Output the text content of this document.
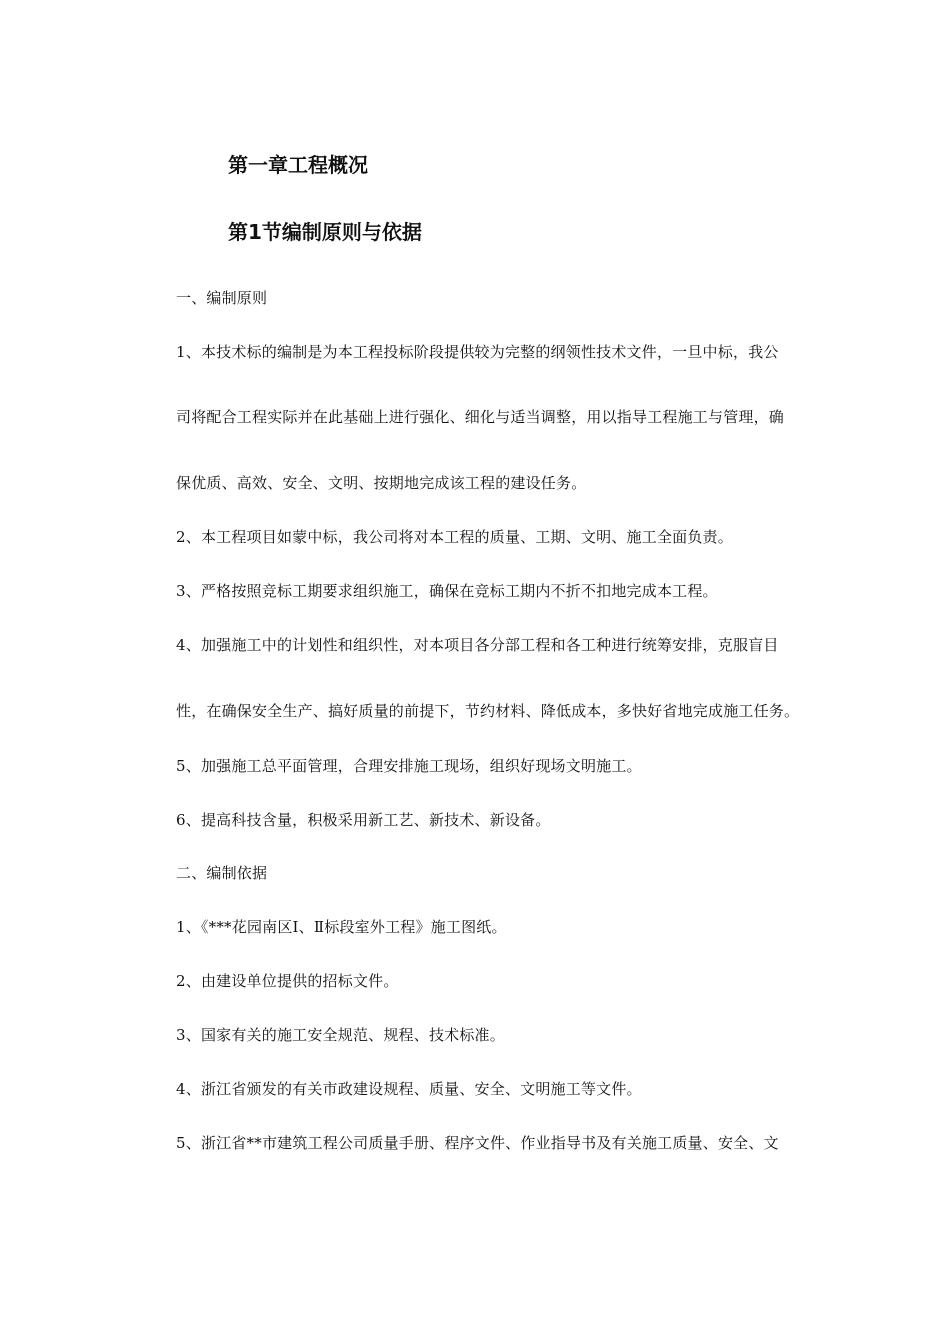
第一章工程概况
第1节编制原则与依据
一、编制原则
1、本技术标的编制是为本工程投标阶段提供较为完整的纲领性技术文件，一旦中标，我公
司将配合工程实际并在此基础上进行强化、细化与适当调整，用以指导工程施工与管理，确
保优质、高效、安全、文明、按期地完成该工程的建设任务。
2、本工程项目如蒙中标，我公司将对本工程的质量、工期、文明、施工全面负责。
3、严格按照竞标工期要求组织施工，确保在竞标工期内不折不扣地完成本工程。
4、加强施工中的计划性和组织性，对本项目各分部工程和各工种进行统筹安排，克服盲目
性，在确保安全生产、搞好质量的前提下，节约材料、降低成本，多快好省地完成施工任务。
5、加强施工总平面管理，合理安排施工现场，组织好现场文明施工。
6、提高科技含量，积极采用新工艺、新技术、新设备。
二、编制依据
1、《***花园南区Ⅰ、Ⅱ标段室外工程》施工图纸。
2、由建设单位提供的招标文件。
3、国家有关的施工安全规范、规程、技术标准。
4、浙江省颁发的有关市政建设规程、质量、安全、文明施工等文件。
5、浙江省**市建筑工程公司质量手册、程序文件、作业指导书及有关施工质量、安全、文
